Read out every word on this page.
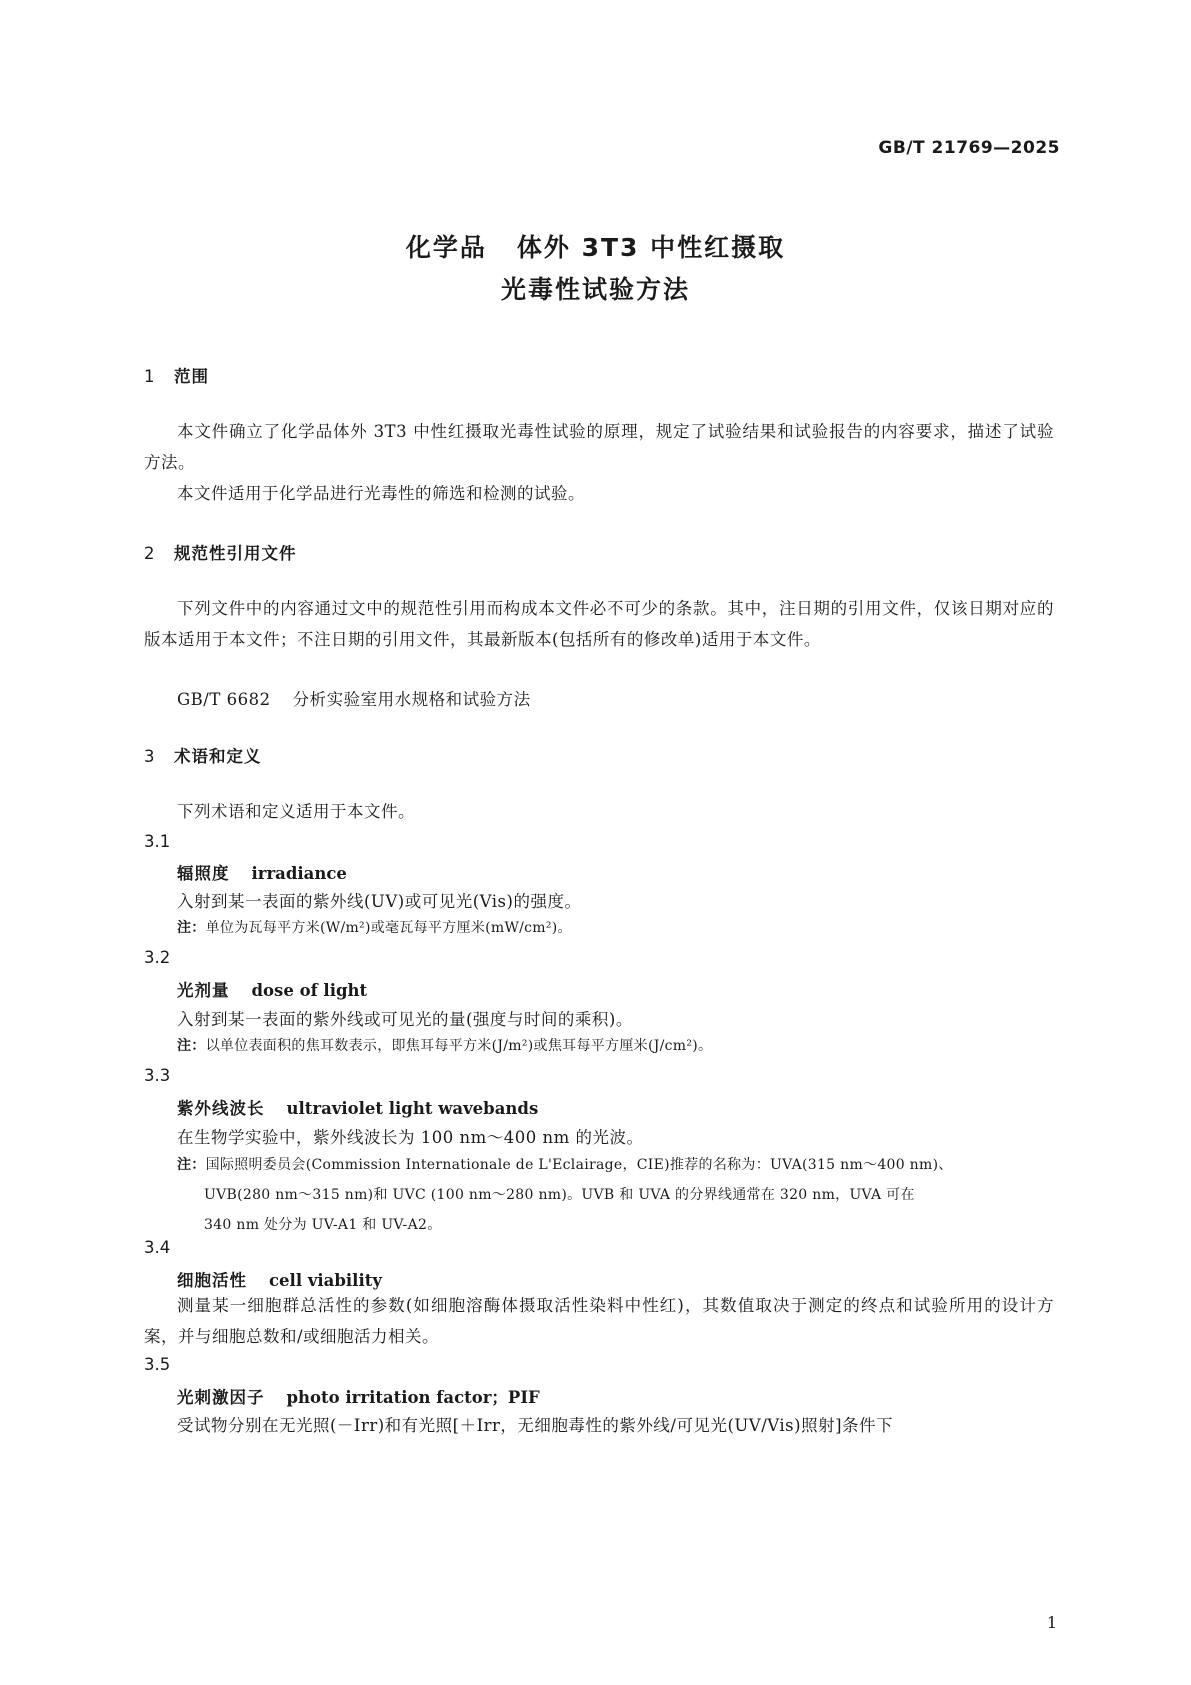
GB/T 21769—2025
化学品 体外 3T3 中性红摄取
光毒性试验方法
1 范围

本文件确立了化学品体外 3T3 中性红摄取光毒性试验的原理，规定了试验结果和试验报告的内容要求，描述了试验方法。

本文件适用于化学品进行光毒性的筛选和检测的试验。

2 规范性引用文件

下列文件中的内容通过文中的规范性引用而构成本文件必不可少的条款。其中，注日期的引用文件，仅该日期对应的版本适用于本文件；不注日期的引用文件，其最新版本(包括所有的修改单)适用于本文件。

GB/T 6682 分析实验室用水规格和试验方法
3 术语和定义
下列术语和定义适用于本文件。
3.1
辐照度 irradiance
入射到某一表面的紫外线(UV)或可见光(Vis)的强度。
注：单位为瓦每平方米(W/m²)或毫瓦每平方厘米(mW/cm²)。
3.2
光剂量 dose of light
入射到某一表面的紫外线或可见光的量(强度与时间的乘积)。
注：以单位表面积的焦耳数表示，即焦耳每平方米(J/m²)或焦耳每平方厘米(J/cm²)。
3.3
紫外线波长 ultraviolet light wavebands
在生物学实验中，紫外线波长为 100 nm～400 nm 的光波。
注：国际照明委员会(Commission Internationale de L'Eclairage，CIE)推荐的名称为：UVA(315 nm～400 nm)、
UVB(280 nm～315 nm)和 UVC (100 nm～280 nm)。UVB 和 UVA 的分界线通常在 320 nm，UVA 可在
340 nm 处分为 UV-A1 和 UV-A2。
3.4
细胞活性 cell viability

测量某一细胞群总活性的参数(如细胞溶酶体摄取活性染料中性红)，其数值取决于测定的终点和试验所用的设计方案，并与细胞总数和/或细胞活力相关。

3.5
光刺激因子 photo irritation factor；PIF
受试物分别在无光照(－Irr)和有光照[＋Irr，无细胞毒性的紫外线/可见光(UV/Vis)照射]条件下
1
